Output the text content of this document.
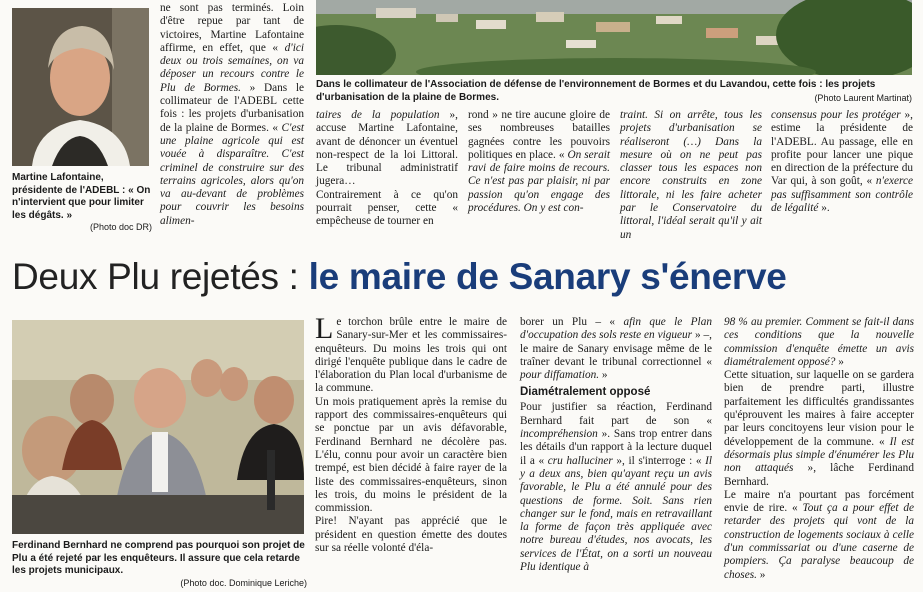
Martine Lafontaine, présidente de l'ADEBL : « On n'intervient que pour limiter les dégâts. »
(Photo doc DR)
ne sont pas terminés. Loin d'être repue par tant de victoires, Martine Lafontaine affirme, en effet, que « d'ici deux ou trois semaines, on va déposer un recours contre le Plu de Bormes. » Dans le collimateur de l'ADEBL cette fois : les projets d'urbanisation de la plaine de Bormes. « C'est une plaine agricole qui est vouée à disparaître. C'est criminel de construire sur des terrains agricoles, alors qu'on va au-devant de problèmes pour couvrir les besoins alimen-
Dans le collimateur de l'Association de défense de l'environnement de Bormes et du Lavandou, cette fois : les projets d'urbanisation de la plaine de Bormes.	(Photo Laurent Martinat)
taires de la population », accuse Martine Lafontaine, avant de dénoncer un éventuel non-respect de la loi Littoral. Le tribunal administratif jugera…
Contrairement à ce qu'on pourrait penser, cette « empêcheuse de tourner en
rond » ne tire aucune gloire de ses nombreuses batailles gagnées contre les pouvoirs politiques en place. « On serait ravi de faire moins de recours. Ce n'est pas par plaisir, ni par passion qu'on engage des procédures. On y est con-
traint. Si on arrête, tous les projets d'urbanisation se réaliseront (…) Dans la mesure où on ne peut pas classer tous les espaces non encore construits en zone littorale, ni les faire acheter par le Conservatoire du littoral, l'idéal serait qu'il y ait un
consensus pour les protéger », estime la présidente de l'ADEBL. Au passage, elle en profite pour lancer une pique en direction de la préfecture du Var qui, à son goût, « n'exerce pas suffisamment son contrôle de légalité ».
Deux Plu rejetés : le maire de Sanary s'énerve
Ferdinand Bernhard ne comprend pas pourquoi son projet de Plu a été rejeté par les enquêteurs. Il assure que cela retarde les projets municipaux.
(Photo doc. Dominique Leriche)

Le torchon brûle entre le maire de Sanary-sur-Mer et les commissaires-enquêteurs. Du moins les trois qui ont dirigé l'enquête publique dans le cadre de l'élaboration du Plan local d'urbanisme de la commune.

Un mois pratiquement après la remise du rapport des commissaires-enquêteurs qui se ponctue par un avis défavorable, Ferdinand Bernhard ne décolère pas. L'élu, connu pour avoir un caractère bien trempé, est bien décidé à faire rayer de la liste des commissaires-enquêteurs, sinon les trois, du moins le président de la commission.

Pire! N'ayant pas apprécié que le président en question émette des doutes sur sa réelle volonté d'éla-

borer un Plu – « afin que le Plan d'occupation des sols reste en vigueur » –, le maire de Sanary envisage même de le traîner devant le tribunal correctionnel « pour diffamation. »

Diamétralement opposé

Pour justifier sa réaction, Ferdinand Bernhard fait part de son « incompréhension ». Sans trop entrer dans les détails d'un rapport à la lecture duquel il a « cru halluciner », il s'interroge : « Il y a deux ans, bien qu'ayant reçu un avis favorable, le Plu a été annulé pour des questions de forme. Soit. Sans rien changer sur le fond, mais en retravaillant la forme de façon très appliquée avec notre bureau d'études, nos avocats, les services de l'État, on a sorti un nouveau Plu identique à

98 % au premier. Comment se fait-il dans ces conditions que la nouvelle commission d'enquête émette un avis diamétralement opposé? »

Cette situation, sur laquelle on se gardera bien de prendre parti, illustre parfaitement les difficultés grandissantes qu'éprouvent les maires à faire accepter par leurs concitoyens leur vision pour le développement de la commune. « Il est désormais plus simple d'énumérer les Plu non attaqués », lâche Ferdinand Bernhard.

Le maire n'a pourtant pas forcément envie de rire. « Tout ça a pour effet de retarder des projets qui vont de la construction de logements sociaux à celle d'un commissariat ou d'une caserne de pompiers. Ça paralyse beaucoup de choses. »
